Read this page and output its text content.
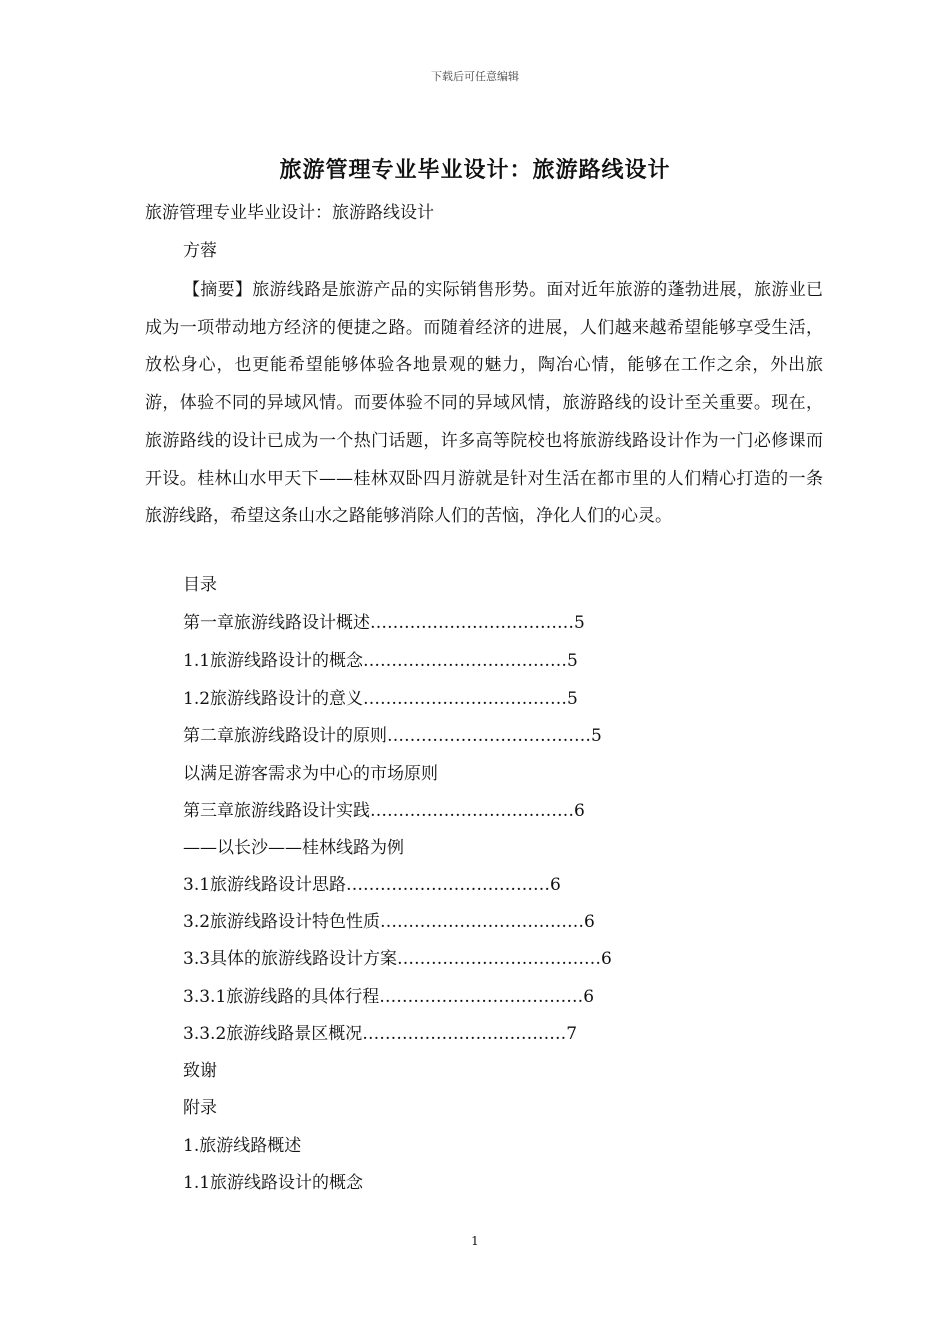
下载后可任意编辑
旅游管理专业毕业设计：旅游路线设计
旅游管理专业毕业设计：旅游路线设计
方蓉
【摘要】旅游线路是旅游产品的实际销售形势。面对近年旅游的蓬勃进展，旅游业已成为一项带动地方经济的便捷之路。而随着经济的进展，人们越来越希望能够享受生活，放松身心，也更能希望能够体验各地景观的魅力，陶冶心情，能够在工作之余，外出旅游，体验不同的异域风情。而要体验不同的异域风情，旅游路线的设计至关重要。现在，旅游路线的设计已成为一个热门话题，许多高等院校也将旅游线路设计作为一门必修课而开设。桂林山水甲天下——桂林双卧四月游就是针对生活在都市里的人们精心打造的一条旅游线路，希望这条山水之路能够消除人们的苦恼，净化人们的心灵。
目录
第一章旅游线路设计概述………………………………5
1.1旅游线路设计的概念………………………………5
1.2旅游线路设计的意义………………………………5
第二章旅游线路设计的原则………………………………5
以满足游客需求为中心的市场原则
第三章旅游线路设计实践………………………………6
——以长沙——桂林线路为例
3.1旅游线路设计思路………………………………6
3.2旅游线路设计特色性质………………………………6
3.3具体的旅游线路设计方案………………………………6
3.3.1旅游线路的具体行程………………………………6
3.3.2旅游线路景区概况………………………………7
致谢
附录
1.旅游线路概述
1.1旅游线路设计的概念
1
